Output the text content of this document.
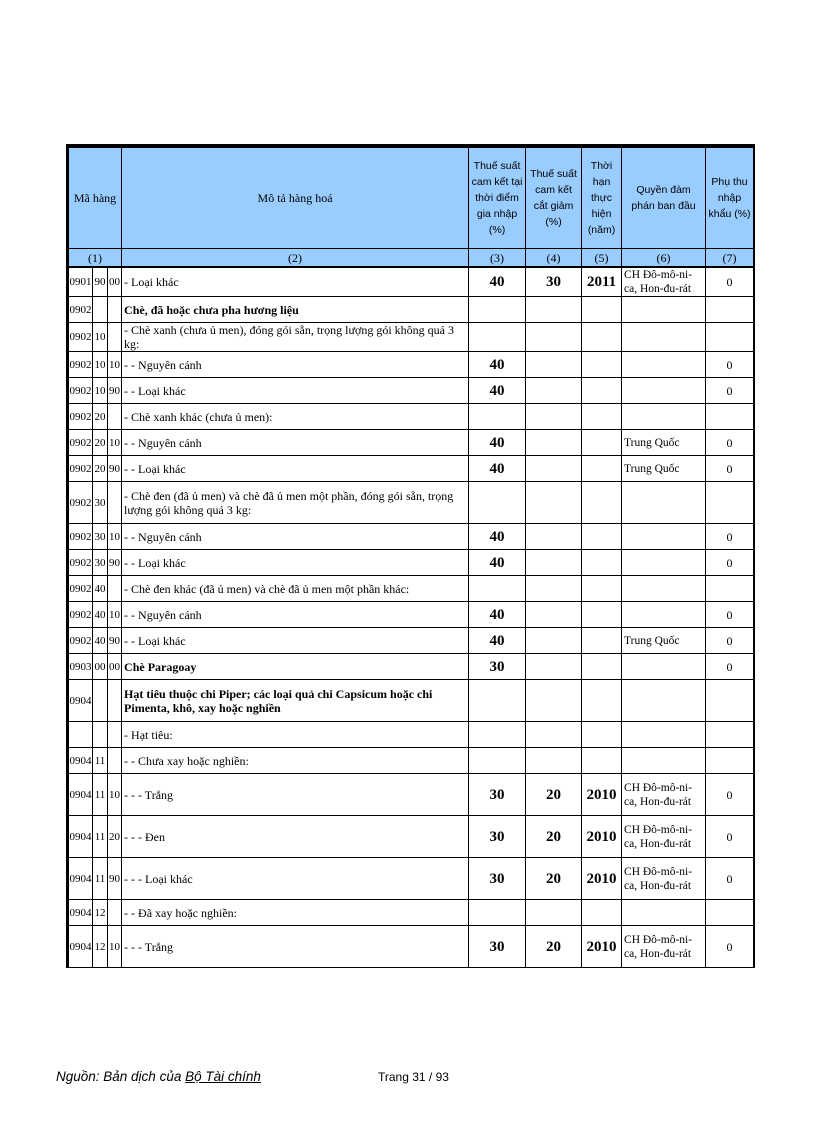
Mã hàng			Mô tả hàng hoá	Thuế suất cam kết tại thời điểm gia nhập (%)	Thuế suất cam kết cắt giảm (%)	Thời hạn thực hiện (năm)	Quyền đàm phán ban đầu	Phụ thu nhập khẩu (%)
(1)			(2)	(3)	(4)	(5)	(6)	(7)
0901	90	00	- Loại khác	40	30	2011	CH Đô-mô-ni-ca, Hon-đu-rát	0
0902			Chè, đã hoặc chưa pha hương liệu					
0902	10		- Chè xanh (chưa ủ men), đóng gói sẵn, trọng lượng gói không quá 3 kg:					
0902	10	10	- - Nguyên cánh	40				0
0902	10	90	- - Loại khác	40				0
0902	20		- Chè xanh khác (chưa ủ men):					
0902	20	10	- - Nguyên cánh	40			Trung Quốc	0
0902	20	90	- - Loại khác	40			Trung Quốc	0
0902	30		- Chè đen (đã ủ men) và chè đã ủ men một phần, đóng gói sẵn, trọng lượng gói không quá 3 kg:					
0902	30	10	- - Nguyên cánh	40				0
0902	30	90	- - Loại khác	40				0
0902	40		- Chè đen khác (đã ủ men) và chè đã ủ men một phần khác:					
0902	40	10	- - Nguyên cánh	40				0
0902	40	90	- - Loại khác	40			Trung Quốc	0
0903	00	00	Chè Paragoay	30				0
0904			Hạt tiêu thuộc chi Piper; các loại quả chi Capsicum hoặc chi Pimenta, khô, xay hoặc nghiền					
			- Hạt tiêu:					
0904	11		- - Chưa xay hoặc nghiền:					
0904	11	10	- - - Trắng	30	20	2010	CH Đô-mô-ni-ca, Hon-đu-rát	0
0904	11	20	- - - Đen	30	20	2010	CH Đô-mô-ni-ca, Hon-đu-rát	0
0904	11	90	- - - Loại khác	30	20	2010	CH Đô-mô-ni-ca, Hon-đu-rát	0
0904	12		- - Đã xay hoặc nghiền:					
0904	12	10	- - - Trắng	30	20	2010	CH Đô-mô-ni-ca, Hon-đu-rát	0
Nguồn: Bản dịch của Bộ Tài chính	Trang 31 / 93
